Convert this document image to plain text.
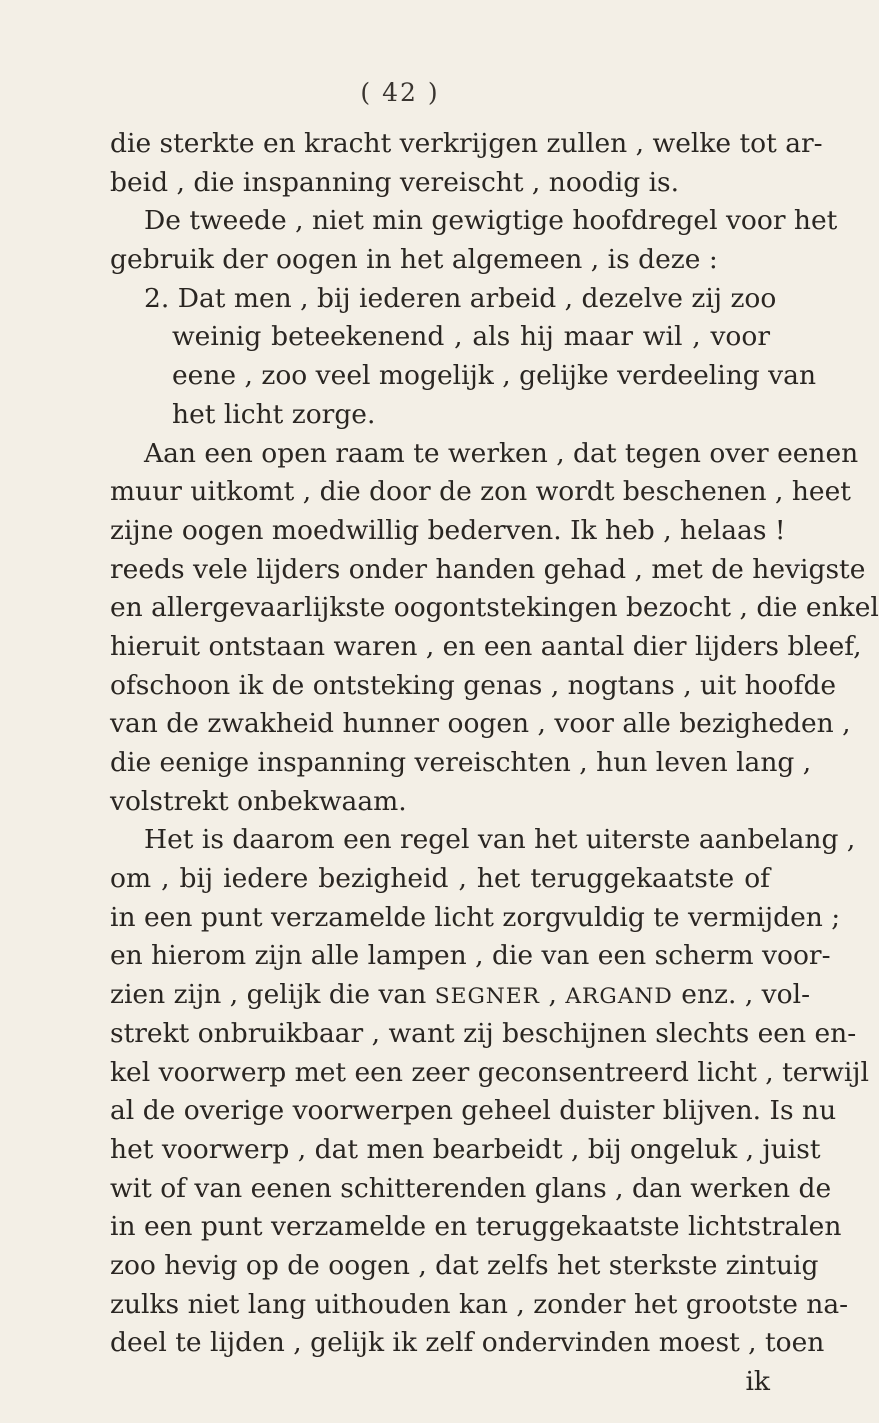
( 42 )
die sterkte en kracht verkrijgen zullen , welke tot ar-
beid , die inspanning vereischt , noodig is.
De tweede , niet min gewigtige hoofdregel voor het
gebruik der oogen in het algemeen , is deze :
2. Dat men , bij iederen arbeid , dezelve zij zoo
weinig beteekenend , als hij maar wil , voor
eene , zoo veel mogelijk , gelijke verdeeling van
het licht zorge.
Aan een open raam te werken , dat tegen over eenen
muur uitkomt , die door de zon wordt beschenen , heet
zijne oogen moedwillig bederven. Ik heb , helaas !
reeds vele lijders onder handen gehad , met de hevigste
en allergevaarlijkste oogontstekingen bezocht , die enkel
hieruit ontstaan waren , en een aantal dier lijders bleef,
ofschoon ik de ontsteking genas , nogtans , uit hoofde
van de zwakheid hunner oogen , voor alle bezigheden ,
die eenige inspanning vereischten , hun leven lang ,
volstrekt onbekwaam.
Het is daarom een regel van het uiterste aanbelang ,
om , bij iedere bezigheid , het teruggekaatste of
in een punt verzamelde licht zorgvuldig te vermijden ;
en hierom zijn alle lampen , die van een scherm voor-
zien zijn , gelijk die van SEGNER , ARGAND enz. , vol-
strekt onbruikbaar , want zij beschijnen slechts een en-
kel voorwerp met een zeer geconsentreerd licht , terwijl
al de overige voorwerpen geheel duister blijven. Is nu
het voorwerp , dat men bearbeidt , bij ongeluk , juist
wit of van eenen schitterenden glans , dan werken de
in een punt verzamelde en teruggekaatste lichtstralen
zoo hevig op de oogen , dat zelfs het sterkste zintuig
zulks niet lang uithouden kan , zonder het grootste na-
deel te lijden , gelijk ik zelf ondervinden moest , toen
ik
